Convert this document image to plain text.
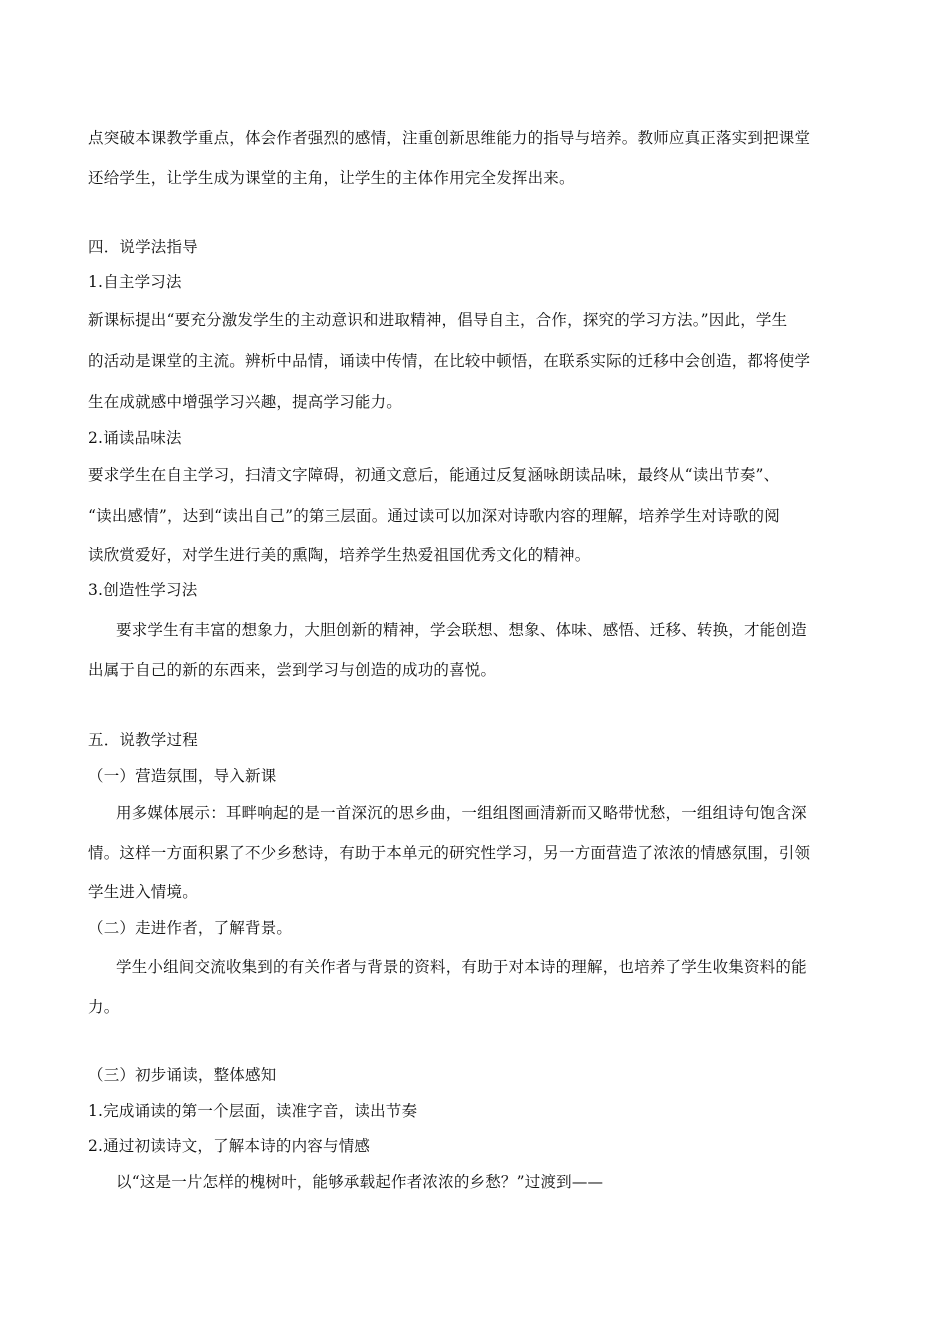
点突破本课教学重点，体会作者强烈的感情，注重创新思维能力的指导与培养。教师应真正落实到把课堂
还给学生，让学生成为课堂的主角，让学生的主体作用完全发挥出来。
四．说学法指导
1.自主学习法
新课标提出“要充分激发学生的主动意识和进取精神，倡导自主，合作，探究的学习方法。”因此，学生
的活动是课堂的主流。辨析中品情，诵读中传情，在比较中顿悟，在联系实际的迁移中会创造，都将使学
生在成就感中增强学习兴趣，提高学习能力。
2.诵读品味法
要求学生在自主学习，扫清文字障碍，初通文意后，能通过反复涵咏朗读品味，最终从“读出节奏”、
“读出感情”，达到“读出自己”的第三层面。通过读可以加深对诗歌内容的理解，培养学生对诗歌的阅
读欣赏爱好，对学生进行美的熏陶，培养学生热爱祖国优秀文化的精神。
3.创造性学习法
要求学生有丰富的想象力，大胆创新的精神，学会联想、想象、体味、感悟、迁移、转换，才能创造
出属于自己的新的东西来，尝到学习与创造的成功的喜悦。
五．说教学过程
（一）营造氛围，导入新课
用多媒体展示：耳畔响起的是一首深沉的思乡曲，一组组图画清新而又略带忧愁，一组组诗句饱含深
情。这样一方面积累了不少乡愁诗，有助于本单元的研究性学习，另一方面营造了浓浓的情感氛围，引领
学生进入情境。
（二）走进作者，了解背景。
学生小组间交流收集到的有关作者与背景的资料，有助于对本诗的理解，也培养了学生收集资料的能
力。
（三）初步诵读，整体感知
1.完成诵读的第一个层面，读准字音，读出节奏
2.通过初读诗文，了解本诗的内容与情感
以“这是一片怎样的槐树叶，能够承载起作者浓浓的乡愁？”过渡到——
